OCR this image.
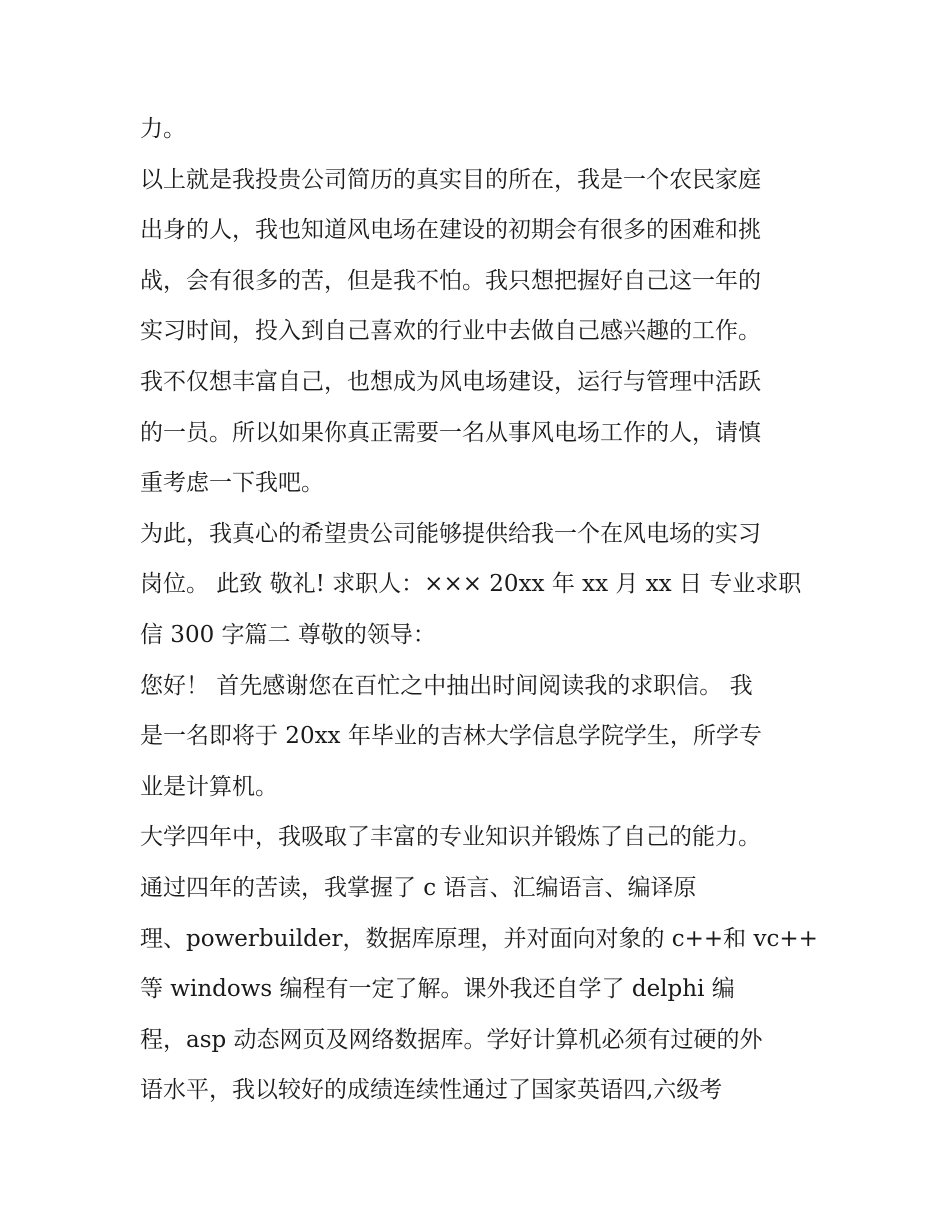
力。
以上就是我投贵公司简历的真实目的所在，我是一个农民家庭
出身的人，我也知道风电场在建设的初期会有很多的困难和挑
战，会有很多的苦，但是我不怕。我只想把握好自己这一年的
实习时间，投入到自己喜欢的行业中去做自己感兴趣的工作。
我不仅想丰富自己，也想成为风电场建设，运行与管理中活跃
的一员。所以如果你真正需要一名从事风电场工作的人，请慎
重考虑一下我吧。
为此，我真心的希望贵公司能够提供给我一个在风电场的实习
岗位。 此致 敬礼! 求职人：××× 20xx 年 xx 月 xx 日 专业求职
信 300 字篇二 尊敬的领导：
您好！ 首先感谢您在百忙之中抽出时间阅读我的求职信。 我
是一名即将于 20xx 年毕业的吉林大学信息学院学生，所学专
业是计算机。
大学四年中，我吸取了丰富的专业知识并锻炼了自己的能力。
通过四年的苦读，我掌握了 c 语言、汇编语言、编译原
理、powerbuilder，数据库原理，并对面向对象的 c++和 vc++
等 windows 编程有一定了解。课外我还自学了 delphi 编
程，asp 动态网页及网络数据库。学好计算机必须有过硬的外
语水平，我以较好的成绩连续性通过了国家英语四,六级考
